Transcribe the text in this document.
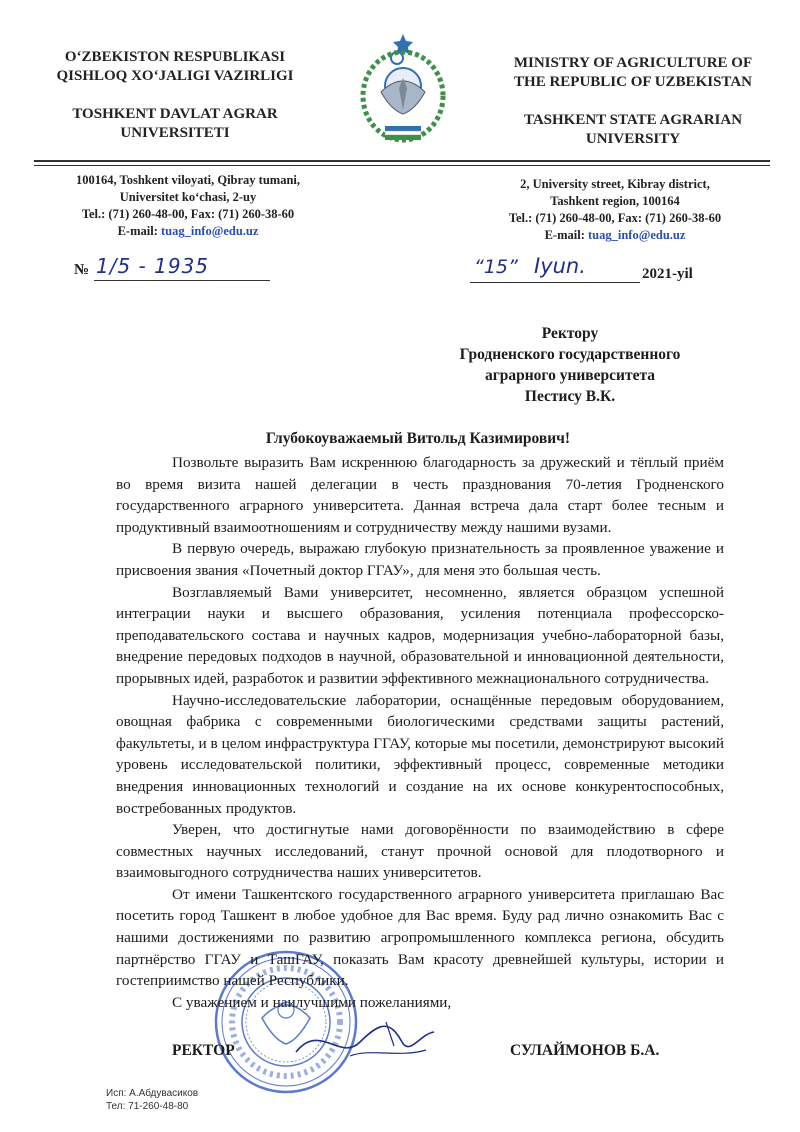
O‘ZBEKISTON RESPUBLIKASI
QISHLOQ XO‘JALIGI VAZIRLIGI
TOSHKENT DAVLAT AGRAR
UNIVERSITETI
MINISTRY OF AGRICULTURE OF
THE REPUBLIC OF UZBEKISTAN
TASHKENT STATE AGRARIAN
UNIVERSITY
100164, Toshkent viloyati, Qibray tumani,
Universitet ko‘chasi, 2-uy
Tel.: (71) 260-48-00, Fax: (71) 260-38-60
E-mail: tuag_info@edu.uz
2, University street, Kibray district,
Tashkent region, 100164
Tel.: (71) 260-48-00, Fax: (71) 260-38-60
E-mail: tuag_info@edu.uz
№ 1/5 - 1935	“15” Iyun.	2021-yil
Ректору
Гродненского государственного
аграрного университета
Пестису В.К.
Глубокоуважаемый Витольд Казимирович!

Позвольте выразить Вам искреннюю благодарность за дружеский и тёплый приём во время визита нашей делегации в честь празднования 70-летия Гродненского государственного аграрного университета. Данная встреча дала старт более тесным и продуктивный взаимоотношениям и сотрудничеству между нашими вузами.

В первую очередь, выражаю глубокую признательность за проявленное уважение и присвоения звания «Почетный доктор ГГАУ», для меня это большая честь.

Возглавляемый Вами университет, несомненно, является образцом успешной интеграции науки и высшего образования, усиления потенциала профессорско-преподавательского состава и научных кадров, модернизация учебно-лабораторной базы, внедрение передовых подходов в научной, образовательной и инновационной деятельности, прорывных идей, разработок и развитии эффективного межнационального сотрудничества.

Научно-исследовательские лаборатории, оснащённые передовым оборудованием, овощная фабрика с современными биологическими средствами защиты растений, факультеты, и в целом инфраструктура ГГАУ, которые мы посетили, демонстрируют высокий уровень исследовательской политики, эффективный процесс, современные методики внедрения инновационных технологий и создание на их основе конкурентоспособных, востребованных продуктов.

Уверен, что достигнутые нами договорённости по взаимодействию в сфере совместных научных исследований, станут прочной основой для плодотворного и взаимовыгодного сотрудничества наших университетов.

От имени Ташкентского государственного аграрного университета приглашаю Вас посетить город Ташкент в любое удобное для Вас время. Буду рад лично ознакомить Вас с нашими достижениями по развитию агропромышленного комплекса региона, обсудить партнёрство ГГАУ и ТашГАУ, показать Вам красоту древнейшей культуры, истории и гостеприимство нашей Республики.

С уважением и наилучшими пожеланиями,

РЕКТОР	СУЛАЙМОНОВ Б.А.
Исп: А.Абдувасиков
Тел: 71-260-48-80
